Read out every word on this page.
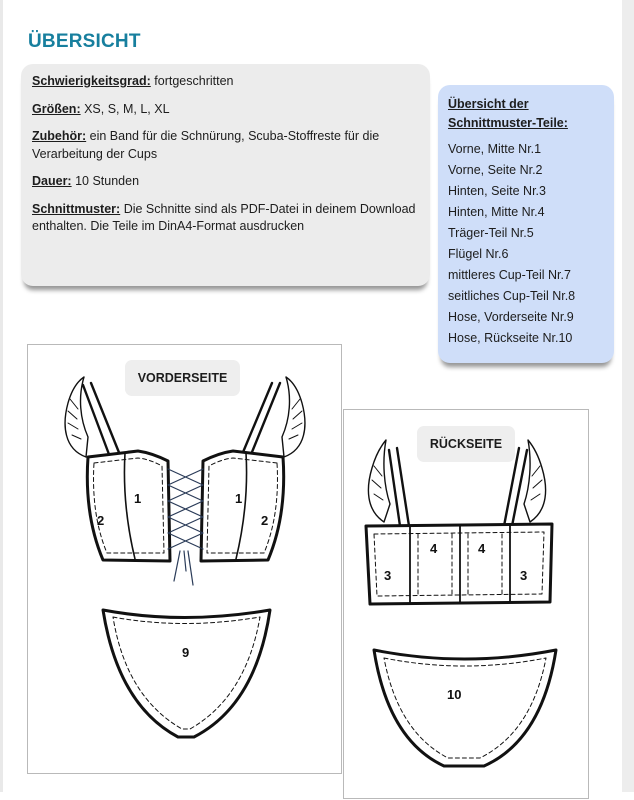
ÜBERSICHT

Schwierigkeitsgrad: fortgeschritten

Größen: XS, S, M, L, XL

Zubehör: ein Band für die Schnürung, Scuba-Stoffreste für die Verarbeitung der Cups

Dauer: 10 Stunden

Schnittmuster: Die Schnitte sind als PDF-Datei in deinem Download enthalten. Die Teile im DinA4-Format ausdrucken

Übersicht der Schnittmuster-Teile:
Vorne, Mitte Nr.1
Vorne, Seite Nr.2
Hinten, Seite Nr.3
Hinten, Mitte Nr.4
Träger-Teil Nr.5
Flügel Nr.6
mittleres Cup-Teil Nr.7
seitliches Cup-Teil Nr.8
Hose, Vorderseite Nr.9
Hose, Rückseite Nr.10
VORDERSEITE
1
2
1
2
9
RÜCKSEITE
4
3
4
3
10
